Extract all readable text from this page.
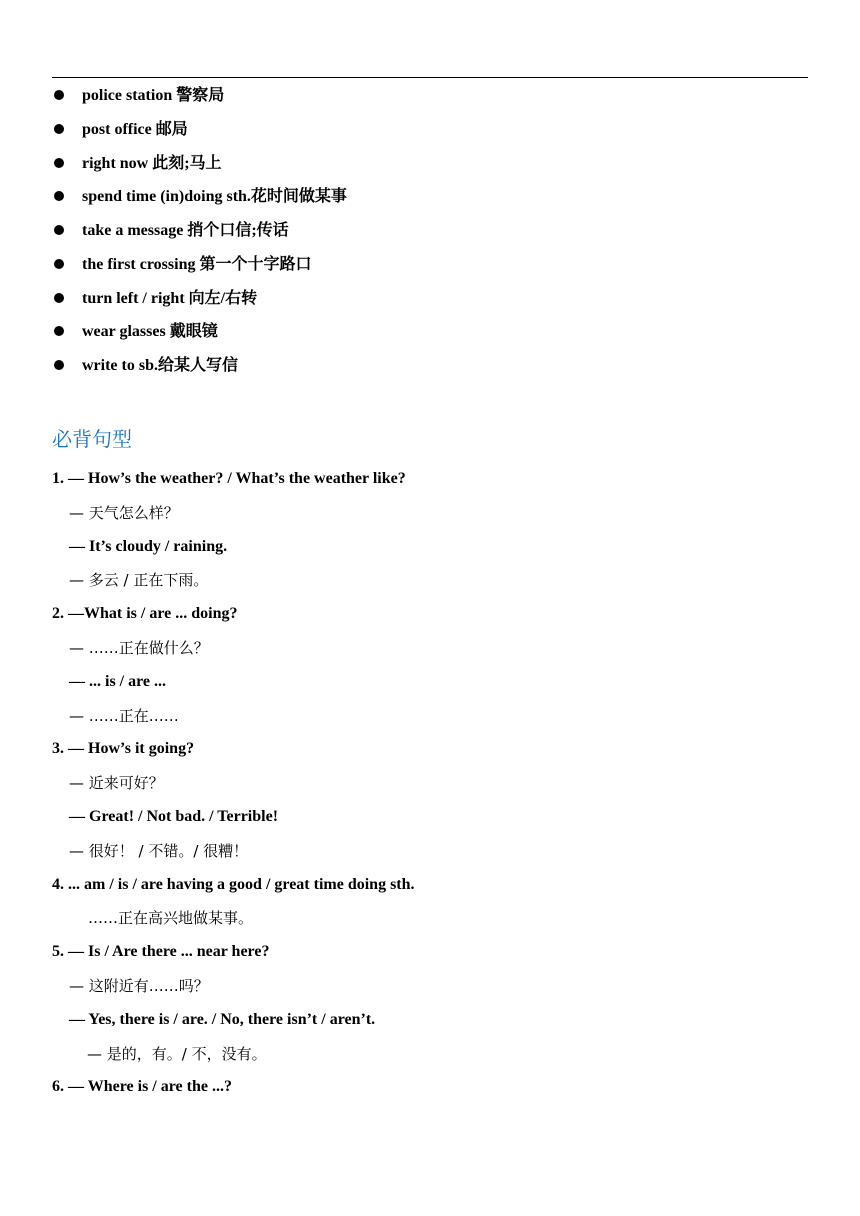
police station 警察局
post office 邮局
right now 此刻;马上
spend time (in)doing sth.花时间做某事
take a message 捎个口信;传话
the first crossing 第一个十字路口
turn left / right 向左/右转
wear glasses 戴眼镜
write to sb.给某人写信
必背句型
1. — How’s the weather? / What’s the weather like?
— 天气怎么样？
— It’s cloudy / raining.
— 多云 / 正在下雨。
2. —What is / are ... doing?
— ……正在做什么？
— ... is / are ...
— ……正在……
3. — How’s it going?
— 近来可好？
— Great! / Not bad. / Terrible!
— 很好！ / 不错。/ 很糟！
4. ... am / is / are having a good / great time doing sth.
……正在高兴地做某事。
5. — Is / Are there ... near here?
— 这附近有……吗？
— Yes, there is / are. / No, there isn’t / aren’t.
— 是的，有。/ 不，没有。
6. — Where is / are the ...?
